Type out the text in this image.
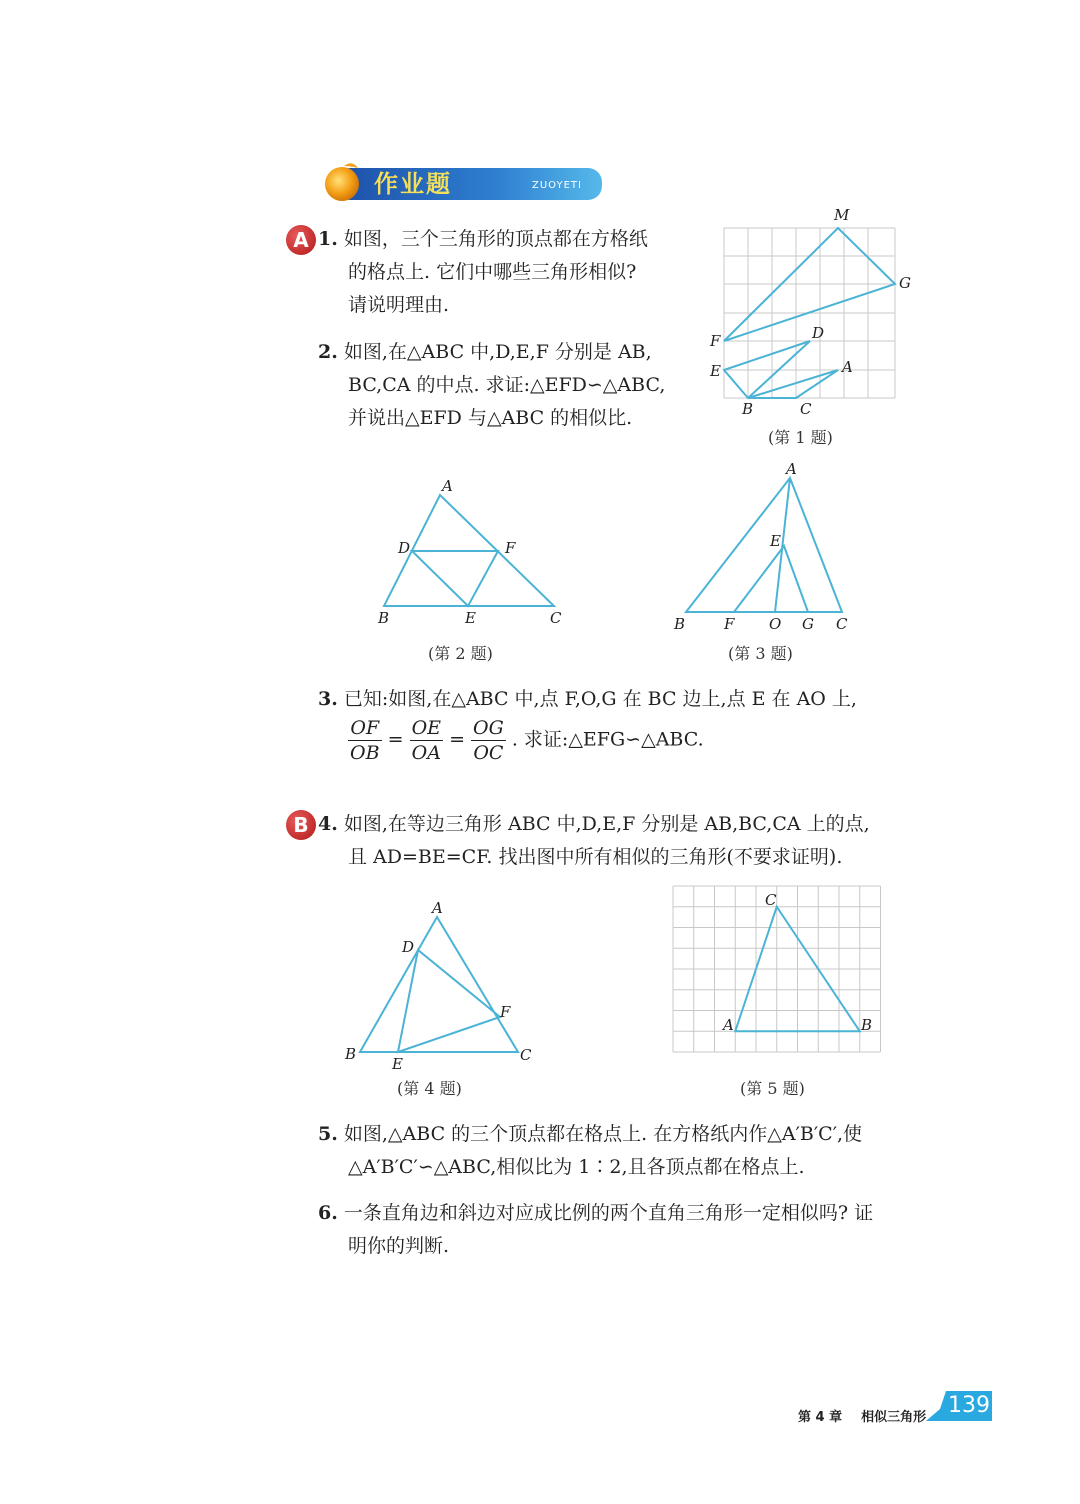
作业题	ZUOYETI
A 1. 如图，三个三角形的顶点都在方格纸
的格点上. 它们中哪些三角形相似?
请说明理由.
2. 如图,在△ABC 中,D,E,F 分别是 AB,
BC,CA 的中点. 求证:△EFD∽△ABC,
并说出△EFD 与△ABC 的相似比.
M
G
F	D
E	A
B	C
(第 1 题)
A
D	F
B	E	C
(第 2 题)
A
E
B	F O G C
(第 3 题)
3. 已知:如图,在△ABC 中,点 F,O,G 在 BC 边上,点 E 在 AO 上,
$\frac{OF}{OB} = \frac{OE}{OA} = \frac{OG}{OC}$ . 求证:△EFG∽△ABC.
B 4. 如图,在等边三角形 ABC 中,D,E,F 分别是 AB,BC,CA 上的点,
且 AD=BE=CF. 找出图中所有相似的三角形(不要求证明).
A
D
F
B
E	C
(第 4 题)
C
A	B
(第 5 题)
5. 如图,△ABC 的三个顶点都在格点上. 在方格纸内作△A′B′C′,使
△A′B′C′∽△ABC,相似比为 1∶2,且各顶点都在格点上.
6. 一条直角边和斜边对应成比例的两个直角三角形一定相似吗? 证
明你的判断.
第 4 章 相似三角形 139
